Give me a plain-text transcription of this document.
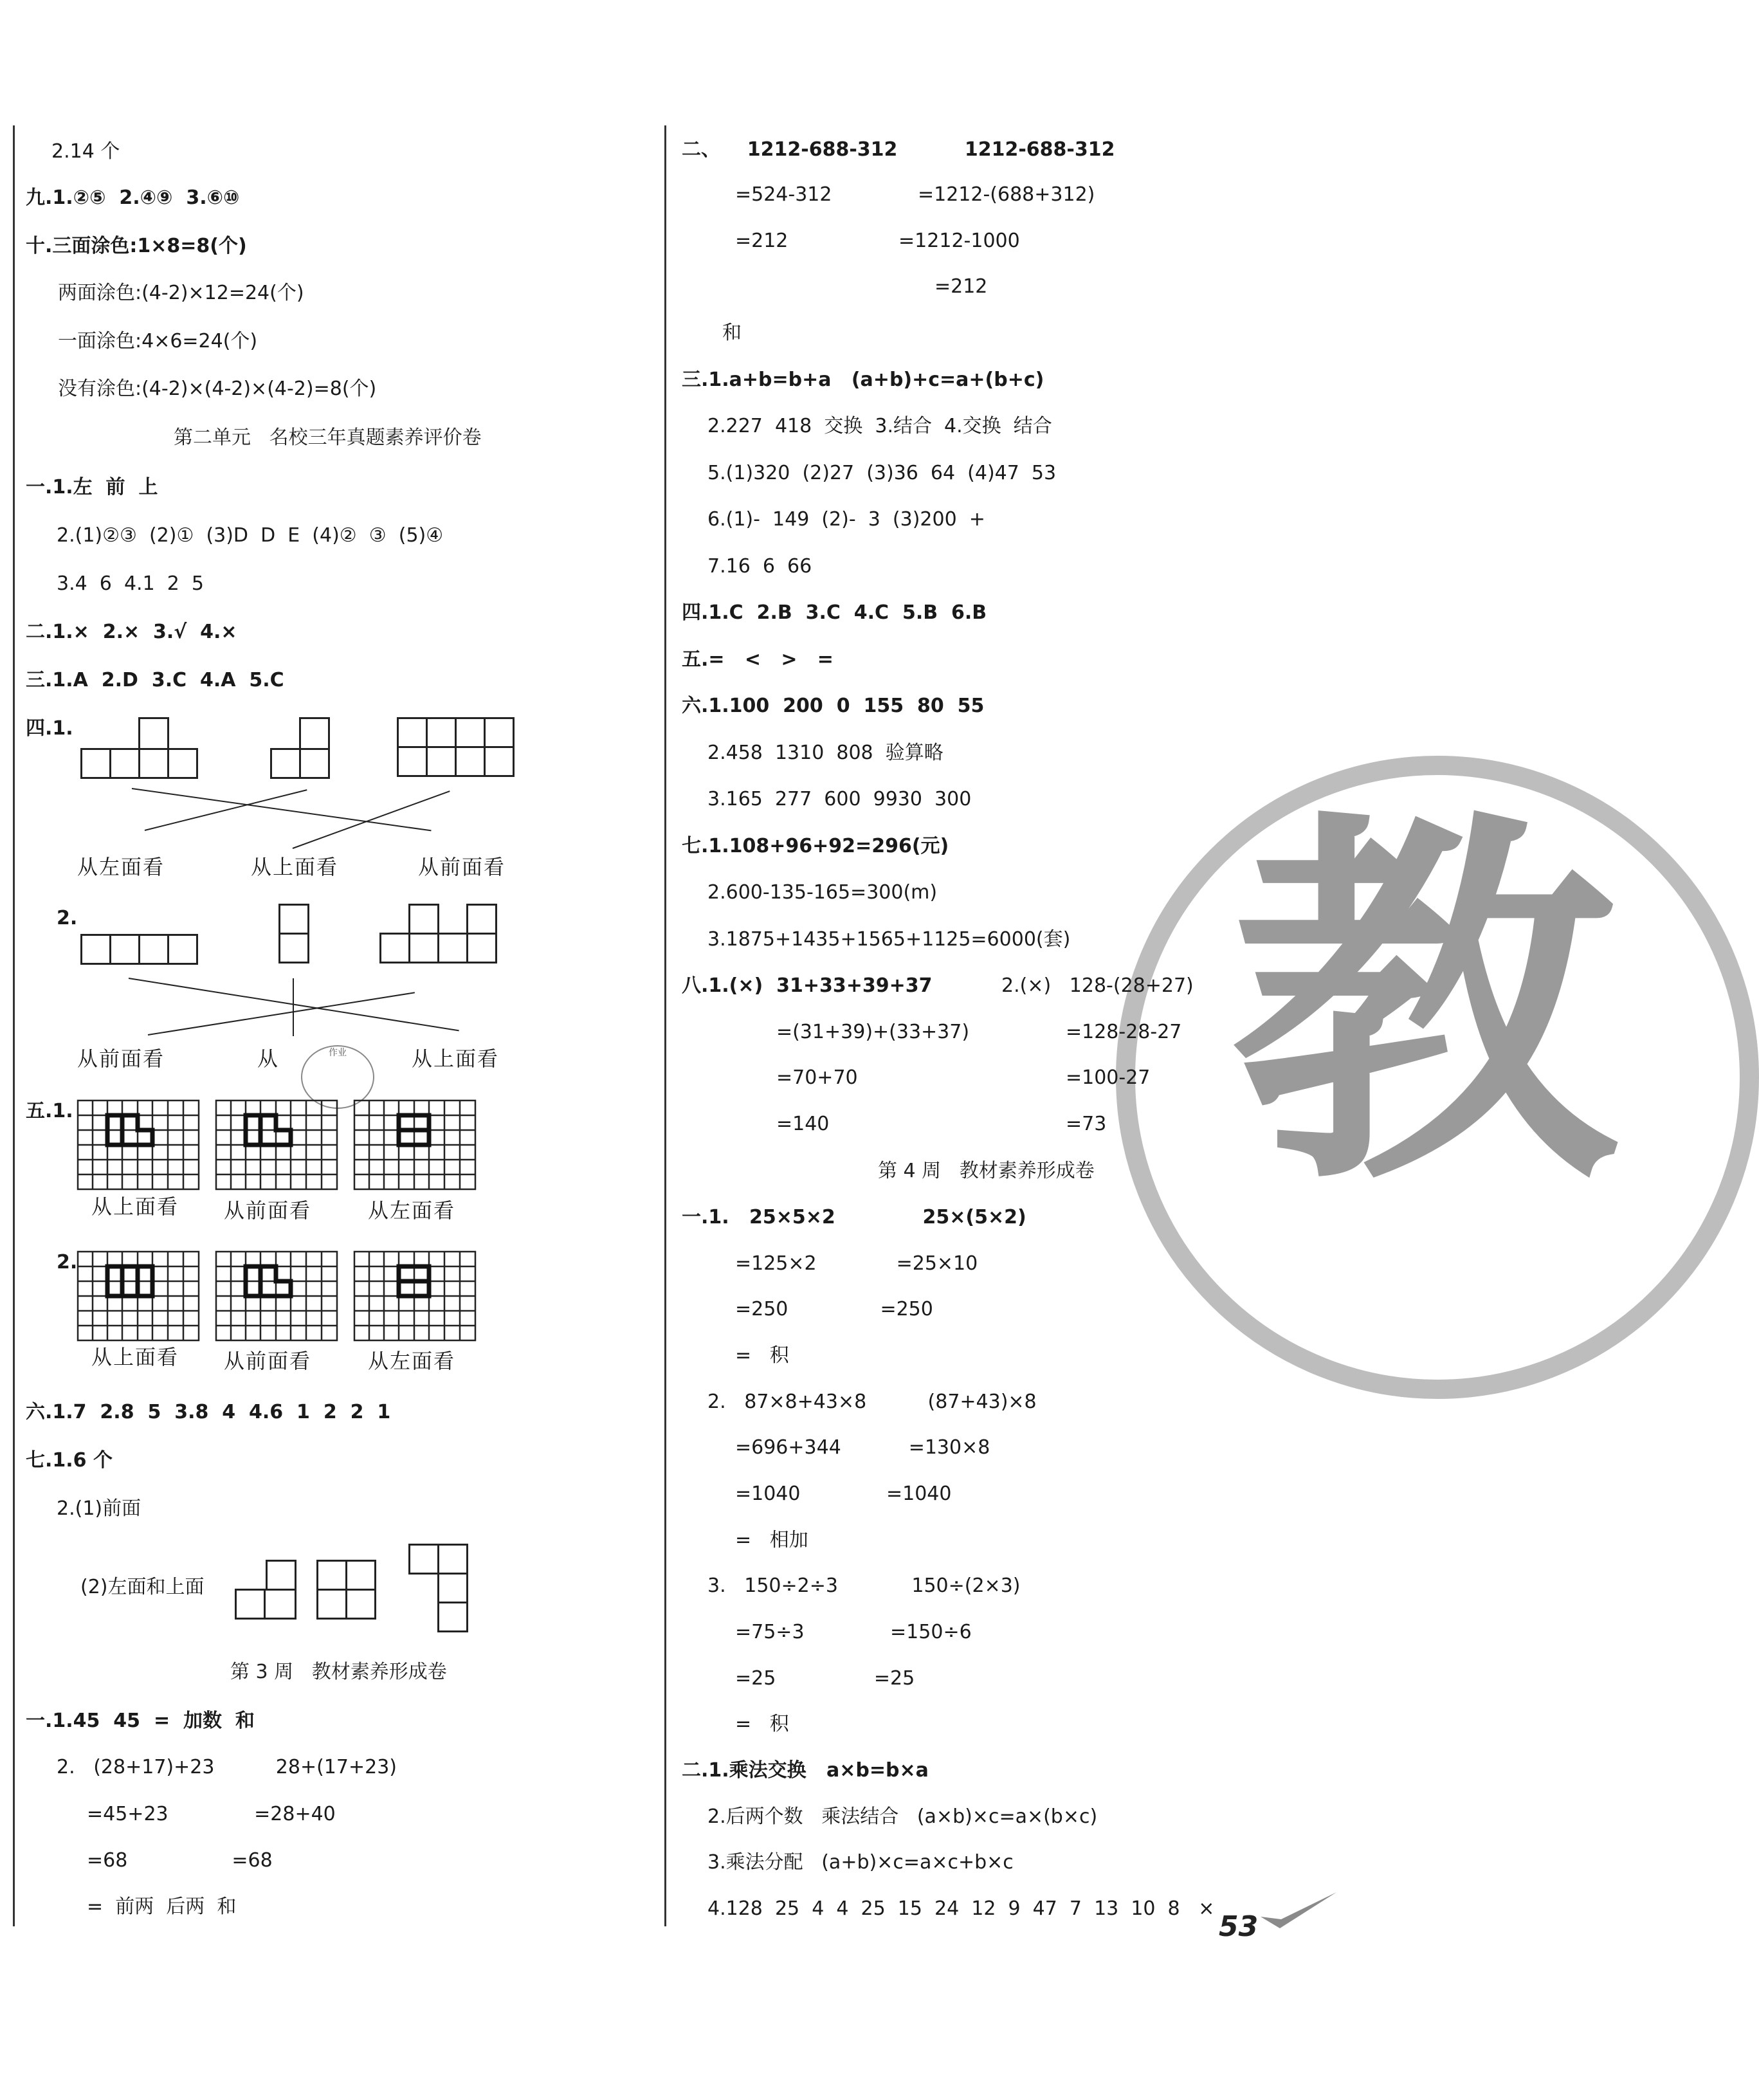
教
2.14 个
九.1.②⑤  2.④⑨  3.⑥⑩
十.三面涂色:1×8=8(个)
两面涂色:(4-2)×12=24(个)
一面涂色:4×6=24(个)
没有涂色:(4-2)×(4-2)×(4-2)=8(个)
第二单元   名校三年真题素养评价卷
一.1.左  前  上
2.(1)②③  (2)①  (3)D  D  E  (4)②  ③  (5)④
3.4  6  4.1  2  5
二.1.×  2.×  3.√  4.×
三.1.A  2.D  3.C  4.A  5.C
四.1.
从左面看	从上面看	从前面看
2.
从前面看	从	作业	从上面看
五.1.
从上面看 从前面看	从左面看
2.
从上面看 从前面看	从左面看
六.1.7  2.8  5  3.8  4  4.6  1  2  2  1
七.1.6 个
2.(1)前面
(2)左面和上面
第 3 周   教材素养形成卷
一.1.45  45  =  加数  和
2.   (28+17)+23          28+(17+23)
=45+23              =28+40
=68                 =68
=  前两  后两  和
二、    1212-688-312          1212-688-312
=524-312              =1212-(688+312)
=212                  =1212-1000
=212
和
三.1.a+b=b+a   (a+b)+c=a+(b+c)
2.227  418  交换  3.结合  4.交换  结合
5.(1)320  (2)27  (3)36  64  (4)47  53
6.(1)-  149  (2)-  3  (3)200  +
7.16  6  66
四.1.C  2.B  3.C  4.C  5.B  6.B
五.=   <   >   =
六.1.100  200  0  155  80  55
2.458  1310  808  验算略
3.165  277  600  9930  300
七.1.108+96+92=296(元)
2.600-135-165=300(m)
3.1875+1435+1565+1125=6000(套)
八.1.(×)  31+33+39+37	2.(×)   128-(28+27)
=(31+39)+(33+37)	=128-28-27
=70+70	=100-27
=140	=73
第 4 周   教材素养形成卷
一.1.   25×5×2             25×(5×2)
=125×2             =25×10
=250               =250
=   积
2.   87×8+43×8          (87+43)×8
=696+344           =130×8
=1040              =1040
=   相加
3.   150÷2÷3            150÷(2×3)
=75÷3              =150÷6
=25                =25
=   积
二.1.乘法交换   a×b=b×a
2.后两个数   乘法结合   (a×b)×c=a×(b×c)
3.乘法分配   (a+b)×c=a×c+b×c
4.128  25  4  4  25  15  24  12  9  47  7  13  10  8   ×
53
